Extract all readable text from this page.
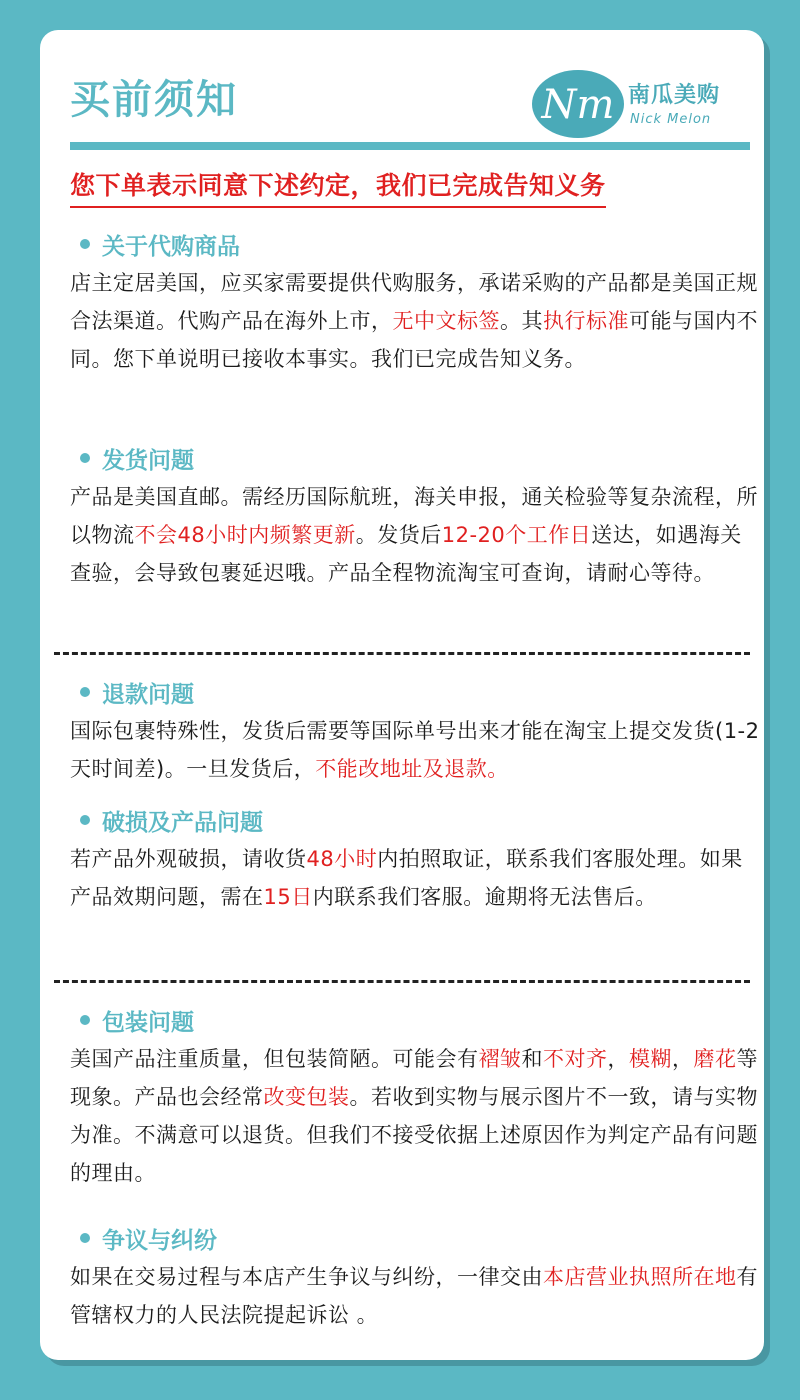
买前须知	Nm 南瓜美购
Nick Melon
您下单表示同意下述约定，我们已完成告知义务
关于代购商品
店主定居美国，应买家需要提供代购服务，承诺采购的产品都是美国正规合法渠道。代购产品在海外上市，无中文标签。其执行标准可能与国内不同。您下单说明已接收本事实。我们已完成告知义务。
发货问题
产品是美国直邮。需经历国际航班，海关申报，通关检验等复杂流程，所以物流不会48小时内频繁更新。发货后12-20个工作日送达，如遇海关查验，会导致包裹延迟哦。产品全程物流淘宝可查询，请耐心等待。
退款问题
国际包裹特殊性，发货后需要等国际单号出来才能在淘宝上提交发货(1-2天时间差)。一旦发货后，不能改地址及退款。
破损及产品问题
若产品外观破损，请收货48小时内拍照取证，联系我们客服处理。如果产品效期问题，需在15日内联系我们客服。逾期将无法售后。
包装问题
美国产品注重质量，但包装简陋。可能会有褶皱和不对齐，模糊，磨花等现象。产品也会经常改变包装。若收到实物与展示图片不一致，请与实物为准。不满意可以退货。但我们不接受依据上述原因作为判定产品有问题的理由。
争议与纠纷
如果在交易过程与本店产生争议与纠纷，一律交由本店营业执照所在地有管辖权力的人民法院提起诉讼 。
